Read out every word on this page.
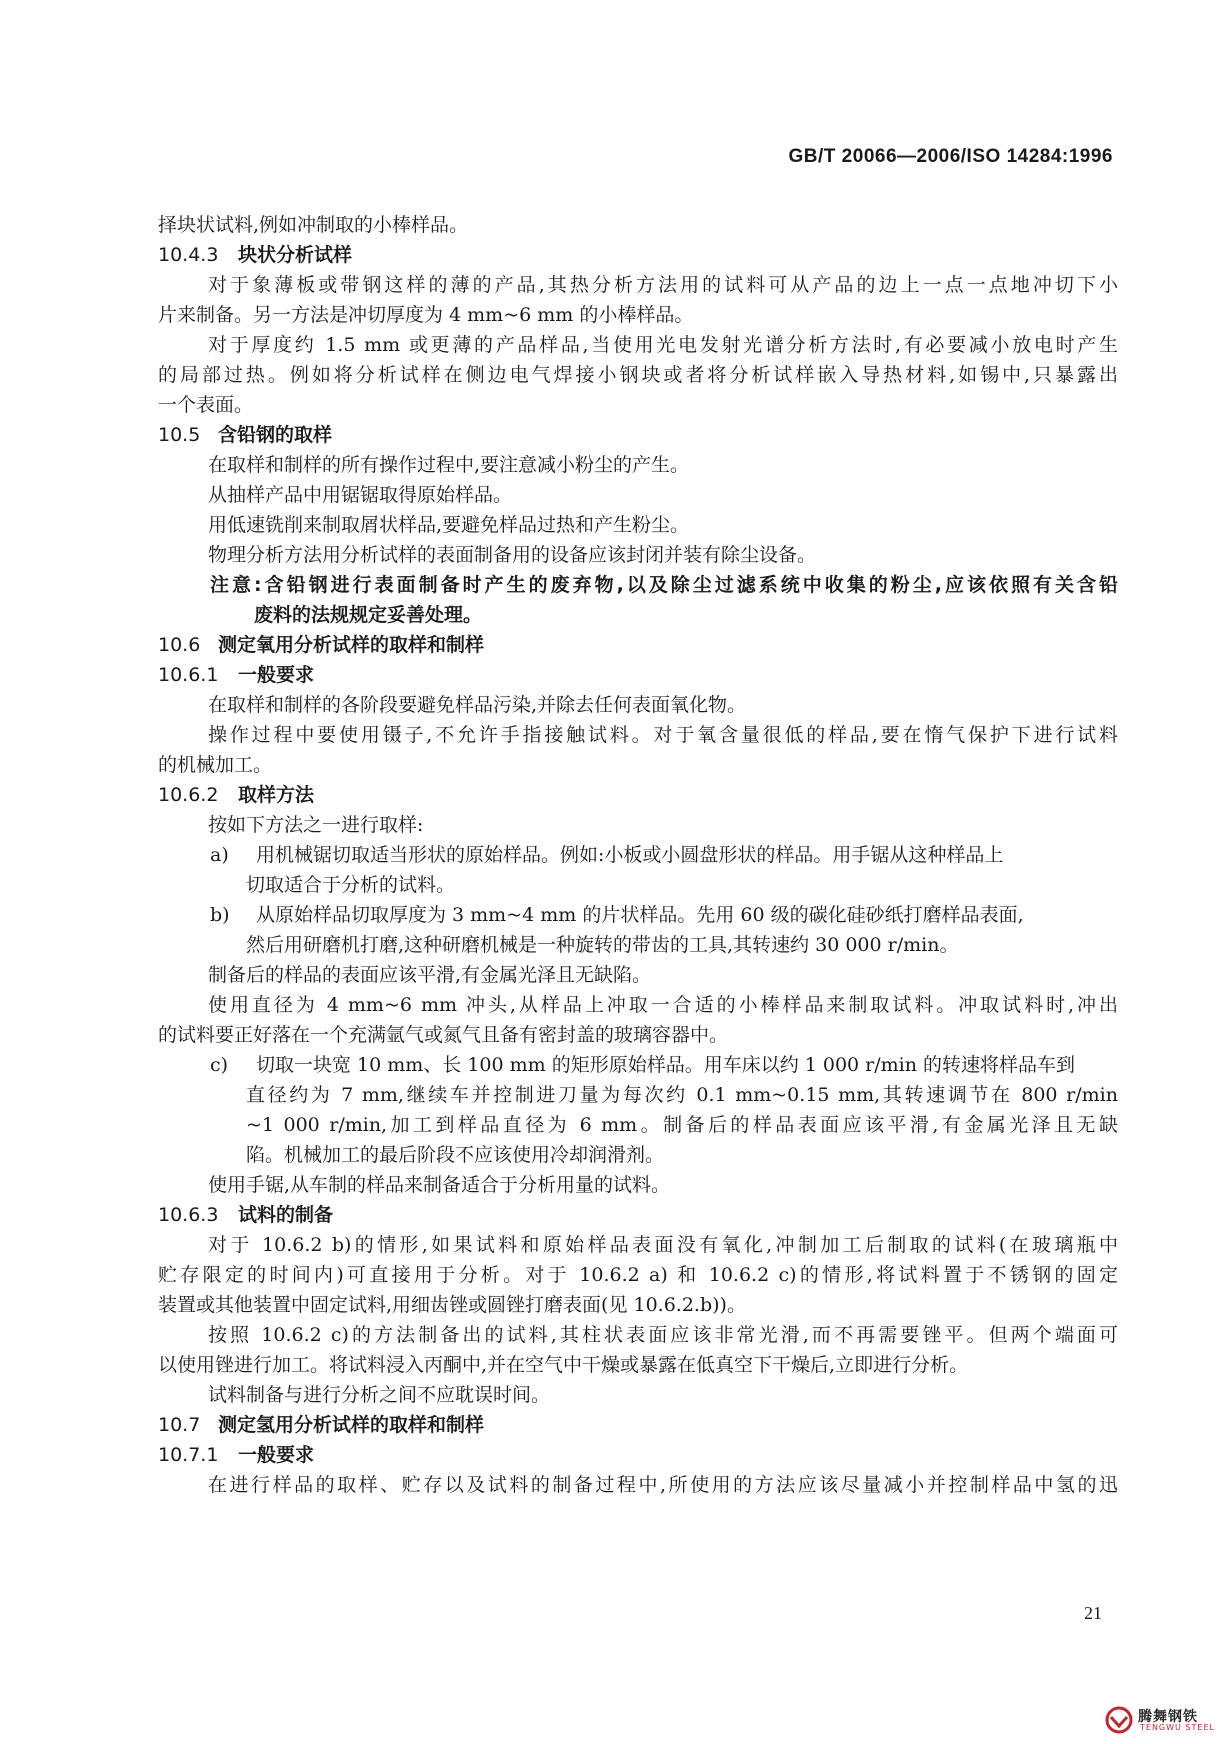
GB/T 20066—2006/ISO 14284:1996
择块状试料,例如冲制取的小棒样品。
10.4.3 块状分析试样
对于象薄板或带钢这样的薄的产品,其热分析方法用的试料可从产品的边上一点一点地冲切下小
片来制备。另一方法是冲切厚度为 4 mm~6 mm 的小棒样品。
对于厚度约 1.5 mm 或更薄的产品样品,当使用光电发射光谱分析方法时,有必要减小放电时产生
的局部过热。例如将分析试样在侧边电气焊接小钢块或者将分析试样嵌入导热材料,如锡中,只暴露出
一个表面。
10.5 含铅钢的取样
在取样和制样的所有操作过程中,要注意减小粉尘的产生。
从抽样产品中用锯锯取得原始样品。
用低速铣削来制取屑状样品,要避免样品过热和产生粉尘。
物理分析方法用分析试样的表面制备用的设备应该封闭并装有除尘设备。
注意:含铅钢进行表面制备时产生的废弃物,以及除尘过滤系统中收集的粉尘,应该依照有关含铅
废料的法规规定妥善处理。
10.6 测定氧用分析试样的取样和制样
10.6.1 一般要求
在取样和制样的各阶段要避免样品污染,并除去任何表面氧化物。
操作过程中要使用镊子,不允许手指接触试料。对于氧含量很低的样品,要在惰气保护下进行试料
的机械加工。
10.6.2 取样方法
按如下方法之一进行取样:
a) 用机械锯切取适当形状的原始样品。例如:小板或小圆盘形状的样品。用手锯从这种样品上
切取适合于分析的试料。
b) 从原始样品切取厚度为 3 mm~4 mm 的片状样品。先用 60 级的碳化硅砂纸打磨样品表面,
然后用研磨机打磨,这种研磨机械是一种旋转的带齿的工具,其转速约 30 000 r/min。
制备后的样品的表面应该平滑,有金属光泽且无缺陷。
使用直径为 4 mm~6 mm 冲头,从样品上冲取一合适的小棒样品来制取试料。冲取试料时,冲出
的试料要正好落在一个充满氩气或氮气且备有密封盖的玻璃容器中。
c) 切取一块宽 10 mm、长 100 mm 的矩形原始样品。用车床以约 1 000 r/min 的转速将样品车到
直径约为 7 mm,继续车并控制进刀量为每次约 0.1 mm~0.15 mm,其转速调节在 800 r/min
~1 000 r/min,加工到样品直径为 6 mm。制备后的样品表面应该平滑,有金属光泽且无缺
陷。机械加工的最后阶段不应该使用冷却润滑剂。
使用手锯,从车制的样品来制备适合于分析用量的试料。
10.6.3 试料的制备
对于 10.6.2 b)的情形,如果试料和原始样品表面没有氧化,冲制加工后制取的试料(在玻璃瓶中
贮存限定的时间内)可直接用于分析。对于 10.6.2 a) 和 10.6.2 c)的情形,将试料置于不锈钢的固定
装置或其他装置中固定试料,用细齿锉或圆锉打磨表面(见 10.6.2.b))。
按照 10.6.2 c)的方法制备出的试料,其柱状表面应该非常光滑,而不再需要锉平。但两个端面可
以使用锉进行加工。将试料浸入丙酮中,并在空气中干燥或暴露在低真空下干燥后,立即进行分析。
试料制备与进行分析之间不应耽误时间。
10.7 测定氢用分析试样的取样和制样
10.7.1 一般要求
在进行样品的取样、贮存以及试料的制备过程中,所使用的方法应该尽量减小并控制样品中氢的迅
21
腾舞钢铁
TENGWU STEEL
